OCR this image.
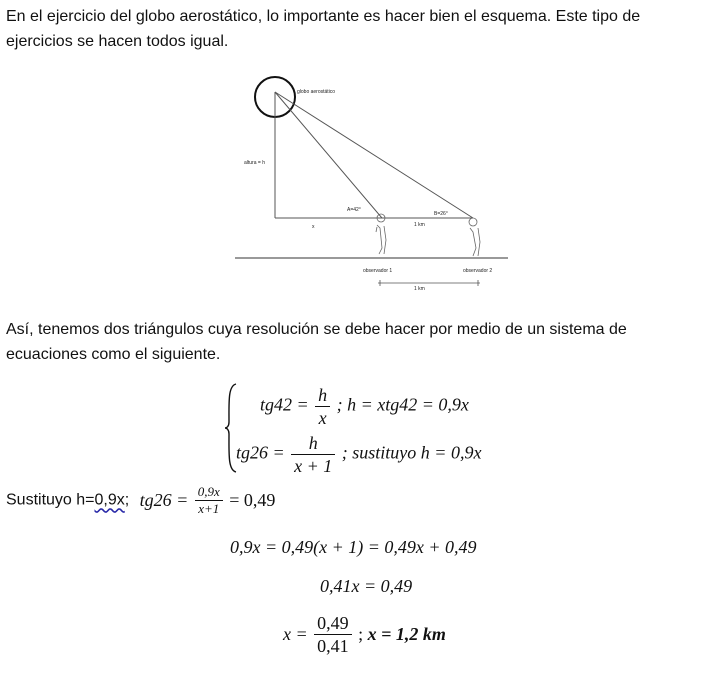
En el ejercicio del globo aerostático, lo importante es hacer bien el esquema. Este tipo de ejercicios se hacen todos igual.
globo aerostático
altura = h
A=42°
B=26°
x	1 km
observador 1	observador 2
1 km
Así, tenemos dos triángulos cuya resolución se debe hacer por medio de un sistema de ecuaciones como el siguiente.
$tg42 = \frac{h}{x}$ ; h = xtg42 = 0,9x
$tg26 = \frac{h}{x + 1}$ ; sustituyo h = 0,9x
Sustituyo h=0,9x; $tg26 = \frac{0,9x}{x+1} = 0,49$
0,9x = 0,49(x + 1) = 0,49x + 0,49
0,41x = 0,49
$x = \frac{0,49}{0,41}$ ; x = 1,2 km
